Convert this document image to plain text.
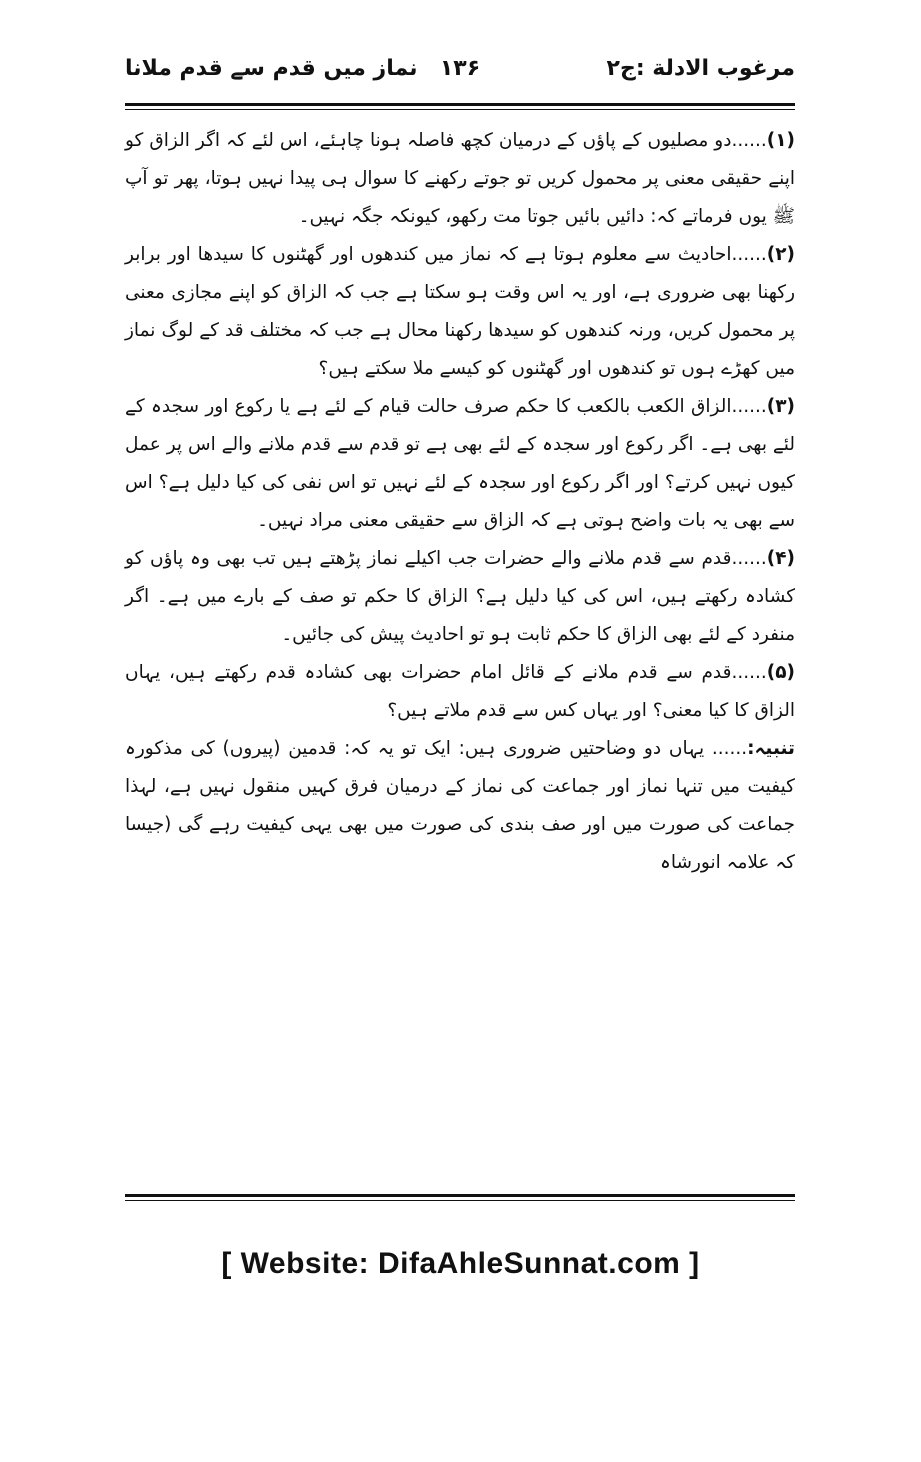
مرغوب الادلة :ج۲
۱۳۶
نماز میں قدم سے قدم ملانا

(۱)......دو مصلیوں کے پاؤں کے درمیان کچھ فاصلہ ہونا چاہئے، اس لئے کہ اگر الزاق کو اپنے حقیقی معنی پر محمول کریں تو جوتے رکھنے کا سوال ہی پیدا نہیں ہوتا، پھر تو آپ ﷺ یوں فرماتے کہ: دائیں بائیں جوتا مت رکھو، کیونکہ جگہ نہیں۔

(۲)......احادیث سے معلوم ہوتا ہے کہ نماز میں کندھوں اور گھٹنوں کا سیدھا اور برابر رکھنا بھی ضروری ہے، اور یہ اس وقت ہو سکتا ہے جب کہ الزاق کو اپنے مجازی معنی پر محمول کریں، ورنہ کندھوں کو سیدھا رکھنا محال ہے جب کہ مختلف قد کے لوگ نماز میں کھڑے ہوں تو کندھوں اور گھٹنوں کو کیسے ملا سکتے ہیں؟

(۳)......الزاق الکعب بالکعب کا حکم صرف حالت قیام کے لئے ہے یا رکوع اور سجدہ کے لئے بھی ہے۔ اگر رکوع اور سجدہ کے لئے بھی ہے تو قدم سے قدم ملانے والے اس پر عمل کیوں نہیں کرتے؟ اور اگر رکوع اور سجدہ کے لئے نہیں تو اس نفی کی کیا دلیل ہے؟ اس سے بھی یہ بات واضح ہوتی ہے کہ الزاق سے حقیقی معنی مراد نہیں۔

(۴)......قدم سے قدم ملانے والے حضرات جب اکیلے نماز پڑھتے ہیں تب بھی وہ پاؤں کو کشادہ رکھتے ہیں، اس کی کیا دلیل ہے؟ الزاق کا حکم تو صف کے بارے میں ہے۔ اگر منفرد کے لئے بھی الزاق کا حکم ثابت ہو تو احادیث پیش کی جائیں۔

(۵)......قدم سے قدم ملانے کے قائل امام حضرات بھی کشادہ قدم رکھتے ہیں، یہاں الزاق کا کیا معنی؟ اور یہاں کس سے قدم ملاتے ہیں؟

تنبیہ:...... یہاں دو وضاحتیں ضروری ہیں: ایک تو یہ کہ: قدمین (پیروں) کی مذکورہ کیفیت میں تنہا نماز اور جماعت کی نماز کے درمیان فرق کہیں منقول نہیں ہے، لہذا جماعت کی صورت میں اور صف بندی کی صورت میں بھی یہی کیفیت رہے گی (جیسا کہ علامہ انورشاہ

[ Website: DifaAhleSunnat.com ]
